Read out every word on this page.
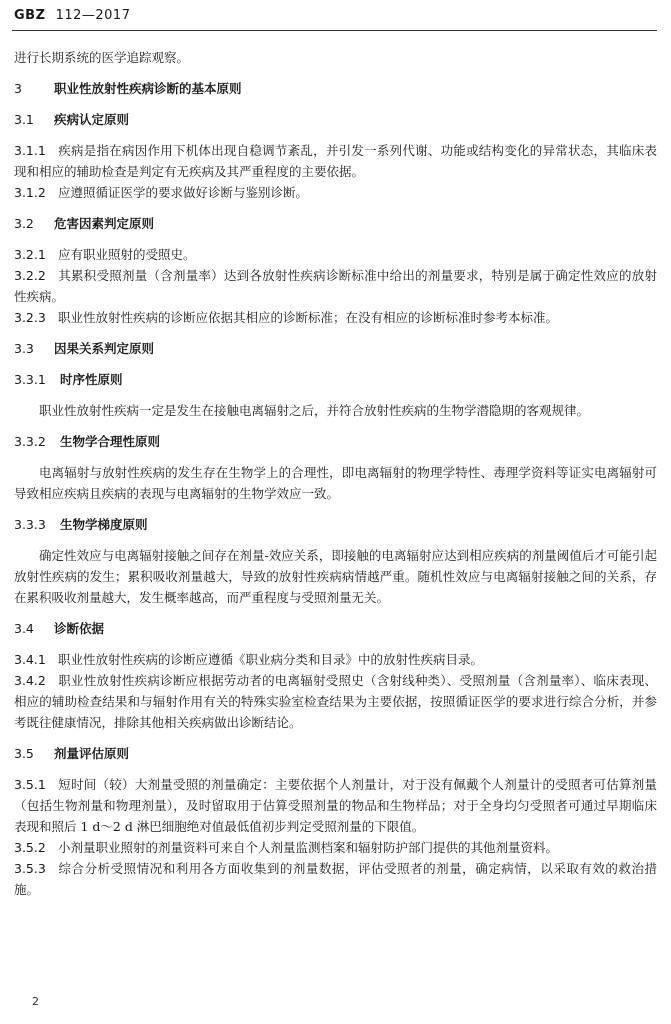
GBZ 112—2017

进行长期系统的医学追踪观察。

3	职业性放射性疾病诊断的基本原则
3.1 疾病认定原则

3.1.1 疾病是指在病因作用下机体出现自稳调节紊乱，并引发一系列代谢、功能或结构变化的异常状态，其临床表现和相应的辅助检查是判定有无疾病及其严重程度的主要依据。

3.1.2 应遵照循证医学的要求做好诊断与鉴别诊断。

3.2 危害因素判定原则

3.2.1 应有职业照射的受照史。

3.2.2 其累积受照剂量（含剂量率）达到各放射性疾病诊断标准中给出的剂量要求，特别是属于确定性效应的放射性疾病。

3.2.3 职业性放射性疾病的诊断应依据其相应的诊断标准；在没有相应的诊断标准时参考本标准。

3.3 因果关系判定原则
3.3.1 时序性原则

职业性放射性疾病一定是发生在接触电离辐射之后，并符合放射性疾病的生物学潜隐期的客观规律。

3.3.2 生物学合理性原则

电离辐射与放射性疾病的发生存在生物学上的合理性，即电离辐射的物理学特性、毒理学资料等证实电离辐射可导致相应疾病且疾病的表现与电离辐射的生物学效应一致。

3.3.3 生物学梯度原则

确定性效应与电离辐射接触之间存在剂量-效应关系，即接触的电离辐射应达到相应疾病的剂量阈值后才可能引起放射性疾病的发生；累积吸收剂量越大，导致的放射性疾病病情越严重。随机性效应与电离辐射接触之间的关系，存在累积吸收剂量越大，发生概率越高，而严重程度与受照剂量无关。

3.4 诊断依据

3.4.1 职业性放射性疾病的诊断应遵循《职业病分类和目录》中的放射性疾病目录。

3.4.2 职业性放射性疾病诊断应根据劳动者的电离辐射受照史（含射线种类）、受照剂量（含剂量率）、临床表现、相应的辅助检查结果和与辐射作用有关的特殊实验室检查结果为主要依据，按照循证医学的要求进行综合分析，并参考既往健康情况，排除其他相关疾病做出诊断结论。

3.5 剂量评估原则

3.5.1 短时间（较）大剂量受照的剂量确定：主要依据个人剂量计，对于没有佩戴个人剂量计的受照者可估算剂量（包括生物剂量和物理剂量），及时留取用于估算受照剂量的物品和生物样品；对于全身均匀受照者可通过早期临床表现和照后 1 d～2 d 淋巴细胞绝对值最低值初步判定受照剂量的下限值。

3.5.2 小剂量职业照射的剂量资料可来自个人剂量监测档案和辐射防护部门提供的其他剂量资料。

3.5.3 综合分析受照情况和利用各方面收集到的剂量数据，评估受照者的剂量，确定病情，以采取有效的救治措施。

2
